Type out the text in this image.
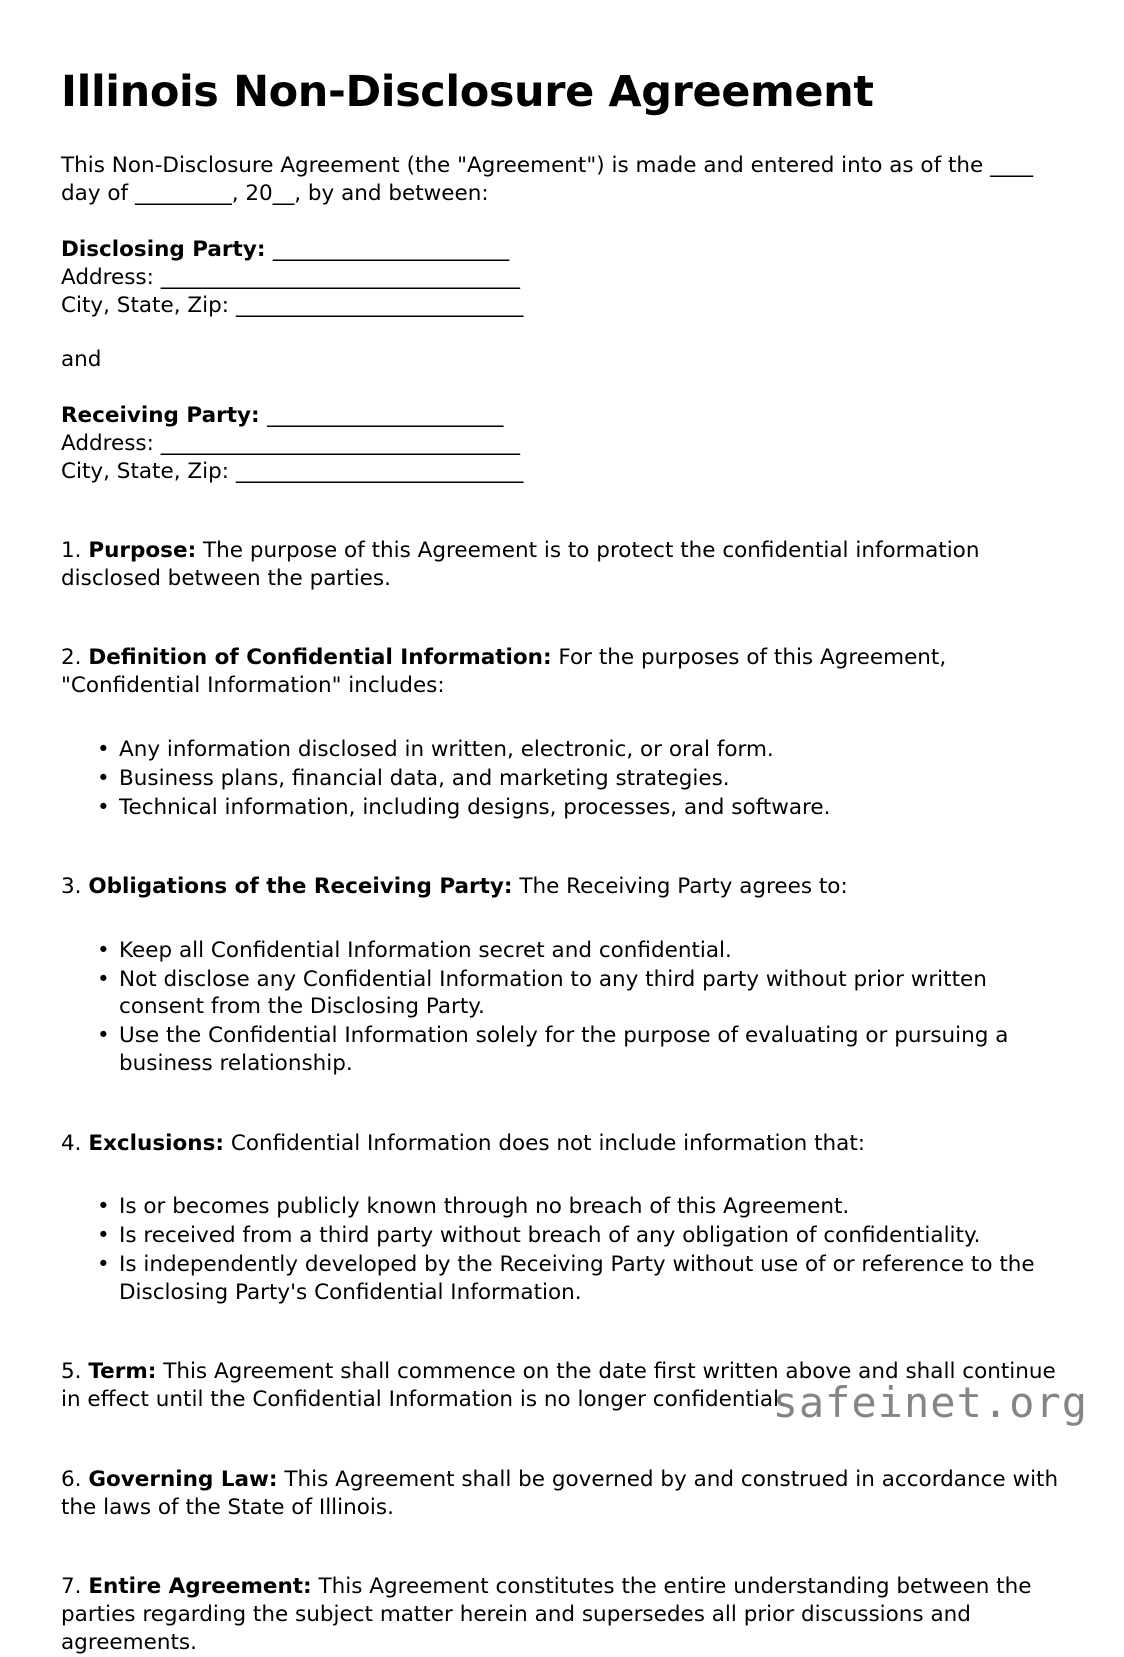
Illinois Non-Disclosure Agreement

This Non-Disclosure Agreement (the "Agreement") is made and entered into as of the ____ day of _________, 20__, by and between:

Disclosing Party: _______________________
Address: ___________________________________
City, State, Zip: ____________________________
and
Receiving Party: _______________________
Address: ___________________________________
City, State, Zip: ____________________________

1. Purpose: The purpose of this Agreement is to protect the confidential information disclosed between the parties.

2. Definition of Confidential Information: For the purposes of this Agreement, "Confidential Information" includes:

• Any information disclosed in written, electronic, or oral form.
• Business plans, financial data, and marketing strategies.
• Technical information, including designs, processes, and software.

3. Obligations of the Receiving Party: The Receiving Party agrees to:

• Keep all Confidential Information secret and confidential.
• Not disclose any Confidential Information to any third party without prior written consent from the Disclosing Party.
• Use the Confidential Information solely for the purpose of evaluating or pursuing a business relationship.

4. Exclusions: Confidential Information does not include information that:

• Is or becomes publicly known through no breach of this Agreement.
• Is received from a third party without breach of any obligation of confidentiality.
• Is independently developed by the Receiving Party without use of or reference to the Disclosing Party's Confidential Information.

5. Term: This Agreement shall commence on the date first written above and shall continue in effect until the Confidential Information is no longer confidential.

6. Governing Law: This Agreement shall be governed by and construed in accordance with the laws of the State of Illinois.

7. Entire Agreement: This Agreement constitutes the entire understanding between the parties regarding the subject matter herein and supersedes all prior discussions and agreements.

safeinet.org
